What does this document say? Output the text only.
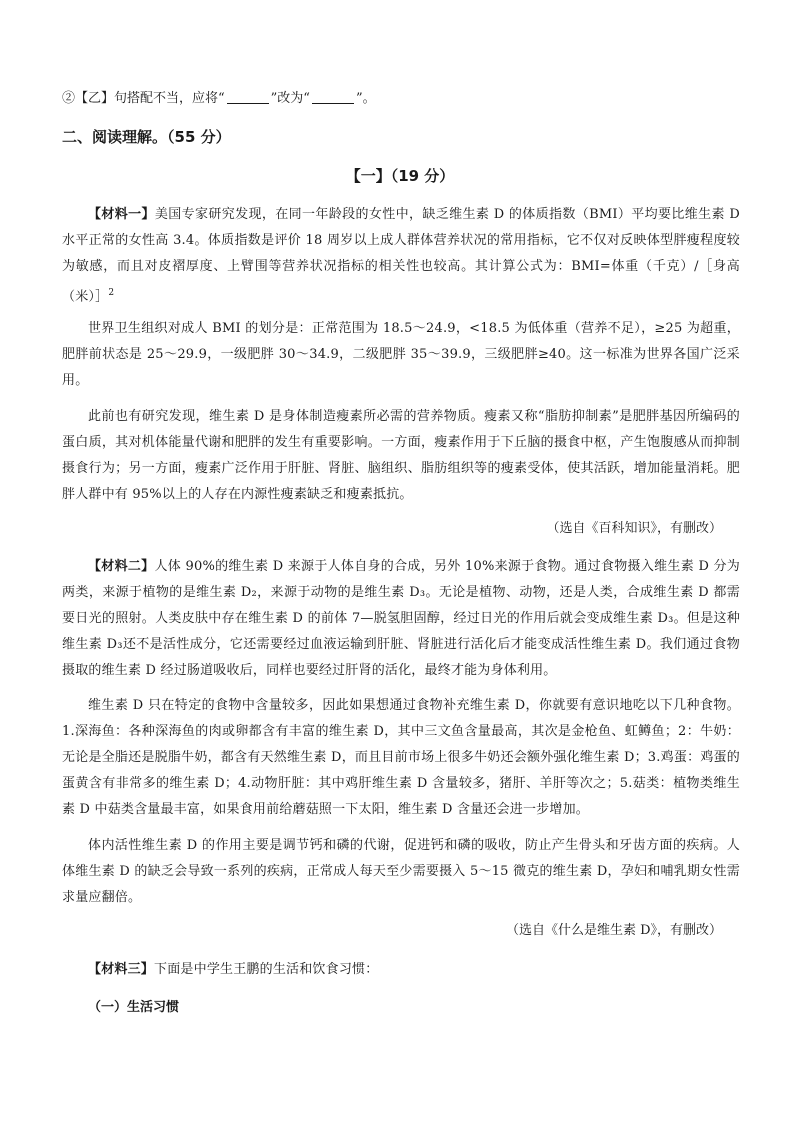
②【乙】句搭配不当，应将“	”改为“	”。
二、阅读理解。（55 分）
【一】（19 分）
【材料一】美国专家研究发现，在同一年龄段的女性中，缺乏维生素 D 的体质指数（BMI）平均要比维生素 D 水平正常的女性高 3.4。体质指数是评价 18 周岁以上成人群体营养状况的常用指标，它不仅对反映体型胖瘦程度较为敏感，而且对皮褶厚度、上臂围等营养状况指标的相关性也较高。其计算公式为：BMI=体重（千克）/［身高（米）］$^2$
世界卫生组织对成人 BMI 的划分是：正常范围为 18.5～24.9，<18.5 为低体重（营养不足），≥25 为超重，肥胖前状态是 25～29.9，一级肥胖 30～34.9，二级肥胖 35～39.9，三级肥胖≥40。这一标准为世界各国广泛采用。
此前也有研究发现，维生素 D 是身体制造瘦素所必需的营养物质。瘦素又称“脂肪抑制素”是肥胖基因所编码的蛋白质，其对机体能量代谢和肥胖的发生有重要影响。一方面，瘦素作用于下丘脑的摄食中枢，产生饱腹感从而抑制摄食行为；另一方面，瘦素广泛作用于肝脏、肾脏、脑组织、脂肪组织等的瘦素受体，使其活跃，增加能量消耗。肥胖人群中有 95%以上的人存在内源性瘦素缺乏和瘦素抵抗。
（选自《百科知识》，有删改）
【材料二】人体 90%的维生素 D 来源于人体自身的合成，另外 10%来源于食物。通过食物摄入维生素 D 分为两类，来源于植物的是维生素 D₂，来源于动物的是维生素 D₃。无论是植物、动物，还是人类，合成维生素 D 都需要日光的照射。人类皮肤中存在维生素 D 的前体 7—脱氢胆固醇，经过日光的作用后就会变成维生素 D₃。但是这种维生素 D₃还不是活性成分，它还需要经过血液运输到肝脏、肾脏进行活化后才能变成活性维生素 D。我们通过食物摄取的维生素 D 经过肠道吸收后，同样也要经过肝肾的活化，最终才能为身体利用。
维生素 D 只在特定的食物中含量较多，因此如果想通过食物补充维生素 D，你就要有意识地吃以下几种食物。1.深海鱼：各种深海鱼的肉或卵都含有丰富的维生素 D，其中三文鱼含量最高，其次是金枪鱼、虹鳟鱼；2：牛奶：无论是全脂还是脱脂牛奶，都含有天然维生素 D，而且目前市场上很多牛奶还会额外强化维生素 D；3.鸡蛋：鸡蛋的蛋黄含有非常多的维生素 D；4.动物肝脏：其中鸡肝维生素 D 含量较多，猪肝、羊肝等次之；5.菇类：植物类维生素 D 中菇类含量最丰富，如果食用前给蘑菇照一下太阳，维生素 D 含量还会进一步增加。
体内活性维生素 D 的作用主要是调节钙和磷的代谢，促进钙和磷的吸收，防止产生骨头和牙齿方面的疾病。人体维生素 D 的缺乏会导致一系列的疾病，正常成人每天至少需要摄入 5～15 微克的维生素 D，孕妇和哺乳期女性需求量应翻倍。
（选自《什么是维生素 D》，有删改）
【材料三】下面是中学生王鹏的生活和饮食习惯：
（一）生活习惯
